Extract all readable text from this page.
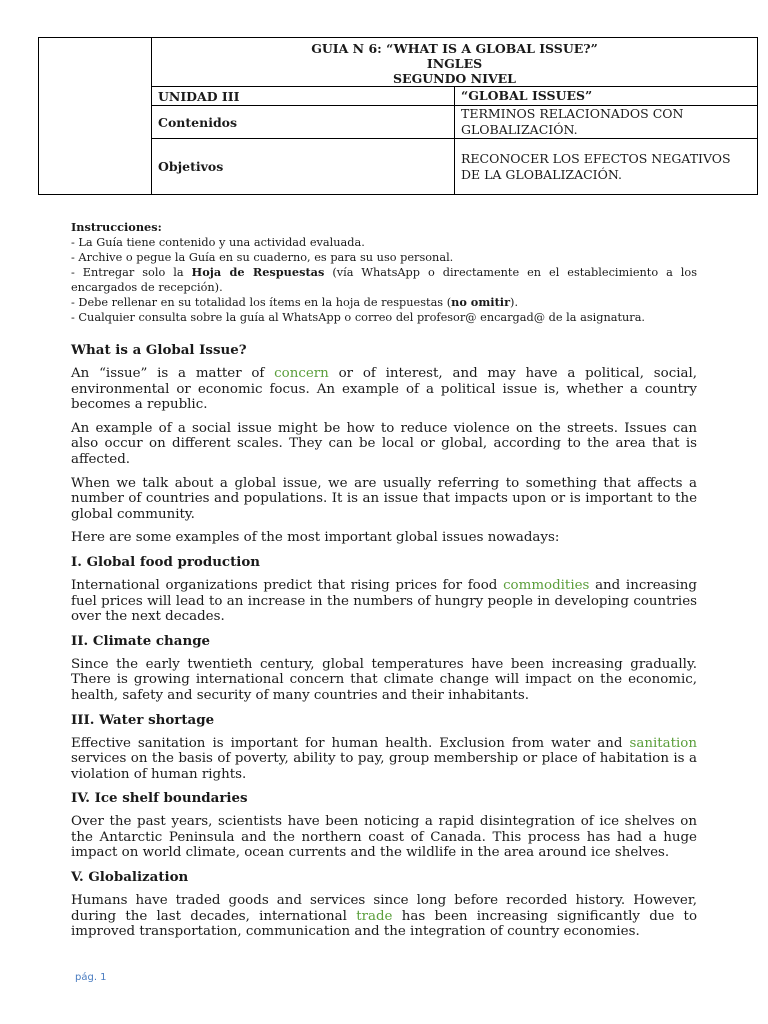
	GUIA N 6: “WHAT IS A GLOBAL ISSUE?”
INGLES
SEGUNDO NIVEL	

	UNIDAD III	“GLOBAL ISSUES”
	Contenidos	TERMINOS RELACIONADOS CON GLOBALIZACIÓN.
	Objetivos	RECONOCER LOS EFECTOS NEGATIVOS DE LA GLOBALIZACIÓN.

Instrucciones:

- La Guía tiene contenido y una actividad evaluada.

- Archive o pegue la Guía en su cuaderno, es para su uso personal.

- Entregar solo la Hoja de Respuestas (vía WhatsApp o directamente en el establecimiento a los encargados de recepción).

- Debe rellenar en su totalidad los ítems en la hoja de respuestas (no omitir).

- Cualquier consulta sobre la guía al WhatsApp o correo del profesor@ encargad@ de la asignatura.

What is a Global Issue?

An “issue” is a matter of concern or of interest, and may have a political, social, environmental or economic focus. An example of a political issue is, whether a country becomes a republic.

An example of a social issue might be how to reduce violence on the streets. Issues can also occur on different scales. They can be local or global, according to the area that is affected.

When we talk about a global issue, we are usually referring to something that affects a number of countries and populations. It is an issue that impacts upon or is important to the global community.

Here are some examples of the most important global issues nowadays:

I. Global food production

International organizations predict that rising prices for food commodities and increasing fuel prices will lead to an increase in the numbers of hungry people in developing countries over the next decades.

II. Climate change

Since the early twentieth century, global temperatures have been increasing gradually. There is growing international concern that climate change will impact on the economic, health, safety and security of many countries and their inhabitants.

III. Water shortage

Effective sanitation is important for human health. Exclusion from water and sanitation services on the basis of poverty, ability to pay, group membership or place of habitation is a violation of human rights.

IV. Ice shelf boundaries

Over the past years, scientists have been noticing a rapid disintegration of ice shelves on the Antarctic Peninsula and the northern coast of Canada. This process has had a huge impact on world climate, ocean currents and the wildlife in the area around ice shelves.

V. Globalization

Humans have traded goods and services since long before recorded history. However, during the last decades, international trade has been increasing significantly due to improved transportation, communication and the integration of country economies.

pág. 1
